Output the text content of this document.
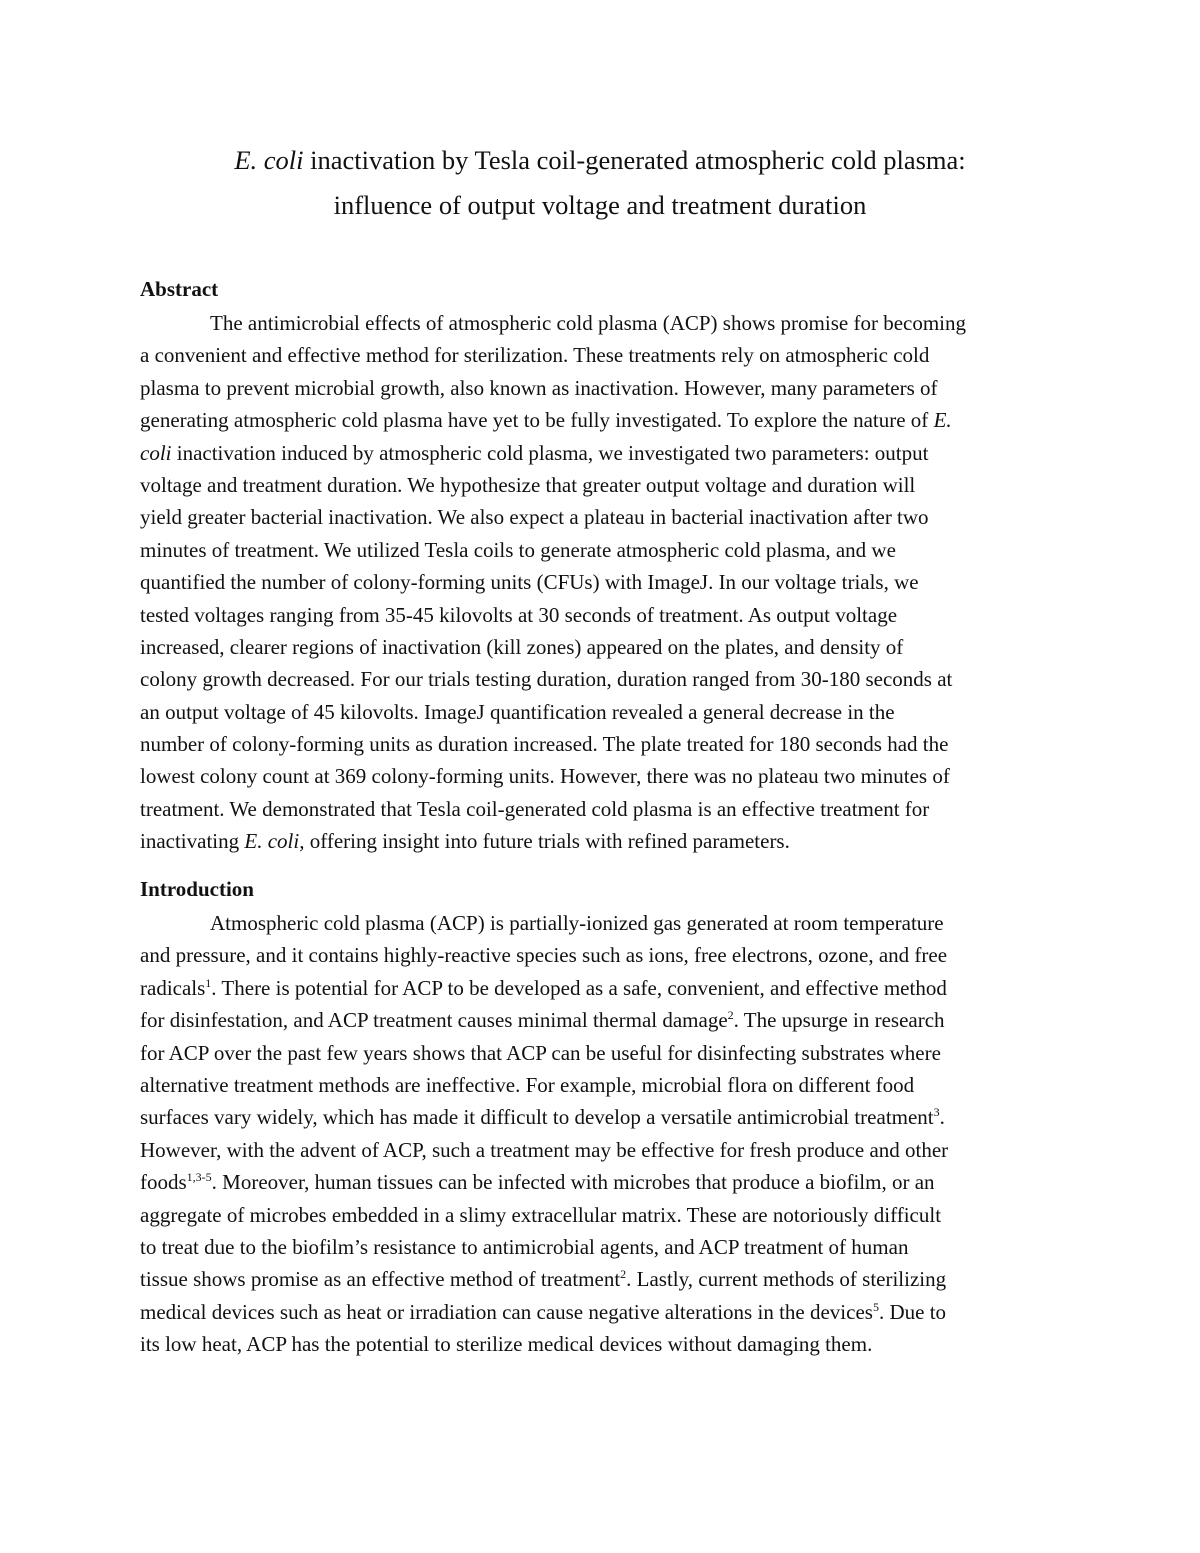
E. coli inactivation by Tesla coil-generated atmospheric cold plasma:
influence of output voltage and treatment duration
Abstract
The antimicrobial effects of atmospheric cold plasma (ACP) shows promise for becoming
a convenient and effective method for sterilization. These treatments rely on atmospheric cold
plasma to prevent microbial growth, also known as inactivation. However, many parameters of
generating atmospheric cold plasma have yet to be fully investigated. To explore the nature of E.
coli inactivation induced by atmospheric cold plasma, we investigated two parameters: output
voltage and treatment duration. We hypothesize that greater output voltage and duration will
yield greater bacterial inactivation. We also expect a plateau in bacterial inactivation after two
minutes of treatment. We utilized Tesla coils to generate atmospheric cold plasma, and we
quantified the number of colony-forming units (CFUs) with ImageJ. In our voltage trials, we
tested voltages ranging from 35-45 kilovolts at 30 seconds of treatment. As output voltage
increased, clearer regions of inactivation (kill zones) appeared on the plates, and density of
colony growth decreased. For our trials testing duration, duration ranged from 30-180 seconds at
an output voltage of 45 kilovolts. ImageJ quantification revealed a general decrease in the
number of colony-forming units as duration increased. The plate treated for 180 seconds had the
lowest colony count at 369 colony-forming units. However, there was no plateau two minutes of
treatment. We demonstrated that Tesla coil-generated cold plasma is an effective treatment for
inactivating E. coli, offering insight into future trials with refined parameters.
Introduction
Atmospheric cold plasma (ACP) is partially-ionized gas generated at room temperature
and pressure, and it contains highly-reactive species such as ions, free electrons, ozone, and free
radicals$^1$. There is potential for ACP to be developed as a safe, convenient, and effective method
for disinfestation, and ACP treatment causes minimal thermal damage$^2$. The upsurge in research
for ACP over the past few years shows that ACP can be useful for disinfecting substrates where
alternative treatment methods are ineffective. For example, microbial flora on different food
surfaces vary widely, which has made it difficult to develop a versatile antimicrobial treatment$^3$.
However, with the advent of ACP, such a treatment may be effective for fresh produce and other
foods$^{1,3-5}$. Moreover, human tissues can be infected with microbes that produce a biofilm, or an
aggregate of microbes embedded in a slimy extracellular matrix. These are notoriously difficult
to treat due to the biofilm’s resistance to antimicrobial agents, and ACP treatment of human
tissue shows promise as an effective method of treatment$^2$. Lastly, current methods of sterilizing
medical devices such as heat or irradiation can cause negative alterations in the devices$^5$. Due to
its low heat, ACP has the potential to sterilize medical devices without damaging them.
